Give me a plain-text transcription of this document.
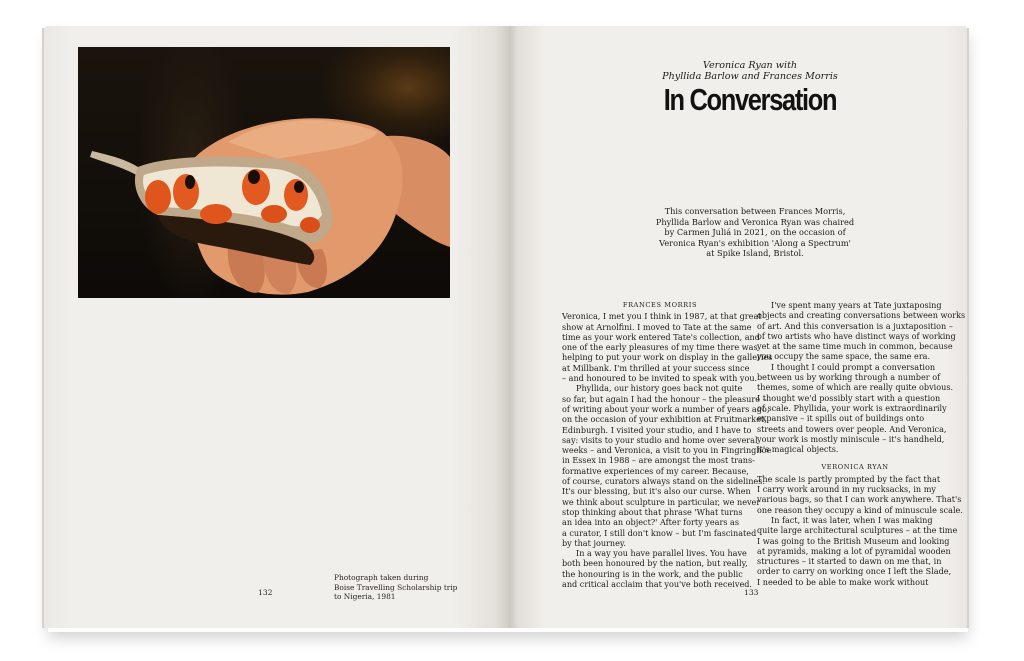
Photograph taken during
Boise Travelling Scholarship trip
to Nigeria, 1981
132
Veronica Ryan with
Phyllida Barlow and Frances Morris
In Conversation
This conversation between Frances Morris,
Phyllida Barlow and Veronica Ryan was chaired
by Carmen Juliá in 2021, on the occasion of
Veronica Ryan's exhibition 'Along a Spectrum'
at Spike Island, Bristol.
FRANCES MORRIS
Veronica, I met you I think in 1987, at that great
show at Arnolfini. I moved to Tate at the same
time as your work entered Tate's collection, and
one of the early pleasures of my time there was
helping to put your work on display in the galleries
at Millbank. I'm thrilled at your success since
– and honoured to be invited to speak with you.
Phyllida, our history goes back not quite
so far, but again I had the honour – the pleasure –
of writing about your work a number of years ago,
on the occasion of your exhibition at Fruitmarket,
Edinburgh. I visited your studio, and I have to
say: visits to your studio and home over several
weeks – and Veronica, a visit to you in Fingringhoe
in Essex in 1988 – are amongst the most trans-
formative experiences of my career. Because,
of course, curators always stand on the sidelines.
It's our blessing, but it's also our curse. When
we think about sculpture in particular, we never
stop thinking about that phrase 'What turns
an idea into an object?' After forty years as
a curator, I still don't know – but I'm fascinated
by that journey.
In a way you have parallel lives. You have
both been honoured by the nation, but really,
the honouring is in the work, and the public
and critical acclaim that you've both received.
I've spent many years at Tate juxtaposing
objects and creating conversations between works
of art. And this conversation is a juxtaposition –
of two artists who have distinct ways of working
yet at the same time much in common, because
you occupy the same space, the same era.
I thought I could prompt a conversation
between us by working through a number of
themes, some of which are really quite obvious.
I thought we'd possibly start with a question
of scale. Phyllida, your work is extraordinarily
expansive – it spills out of buildings onto
streets and towers over people. And Veronica,
your work is mostly miniscule – it's handheld,
it's magical objects.
VERONICA RYAN
The scale is partly prompted by the fact that
I carry work around in my rucksacks, in my
various bags, so that I can work anywhere. That's
one reason they occupy a kind of minuscule scale.
In fact, it was later, when I was making
quite large architectural sculptures – at the time
I was going to the British Museum and looking
at pyramids, making a lot of pyramidal wooden
structures – it started to dawn on me that, in
order to carry on working once I left the Slade,
I needed to be able to make work without
133
